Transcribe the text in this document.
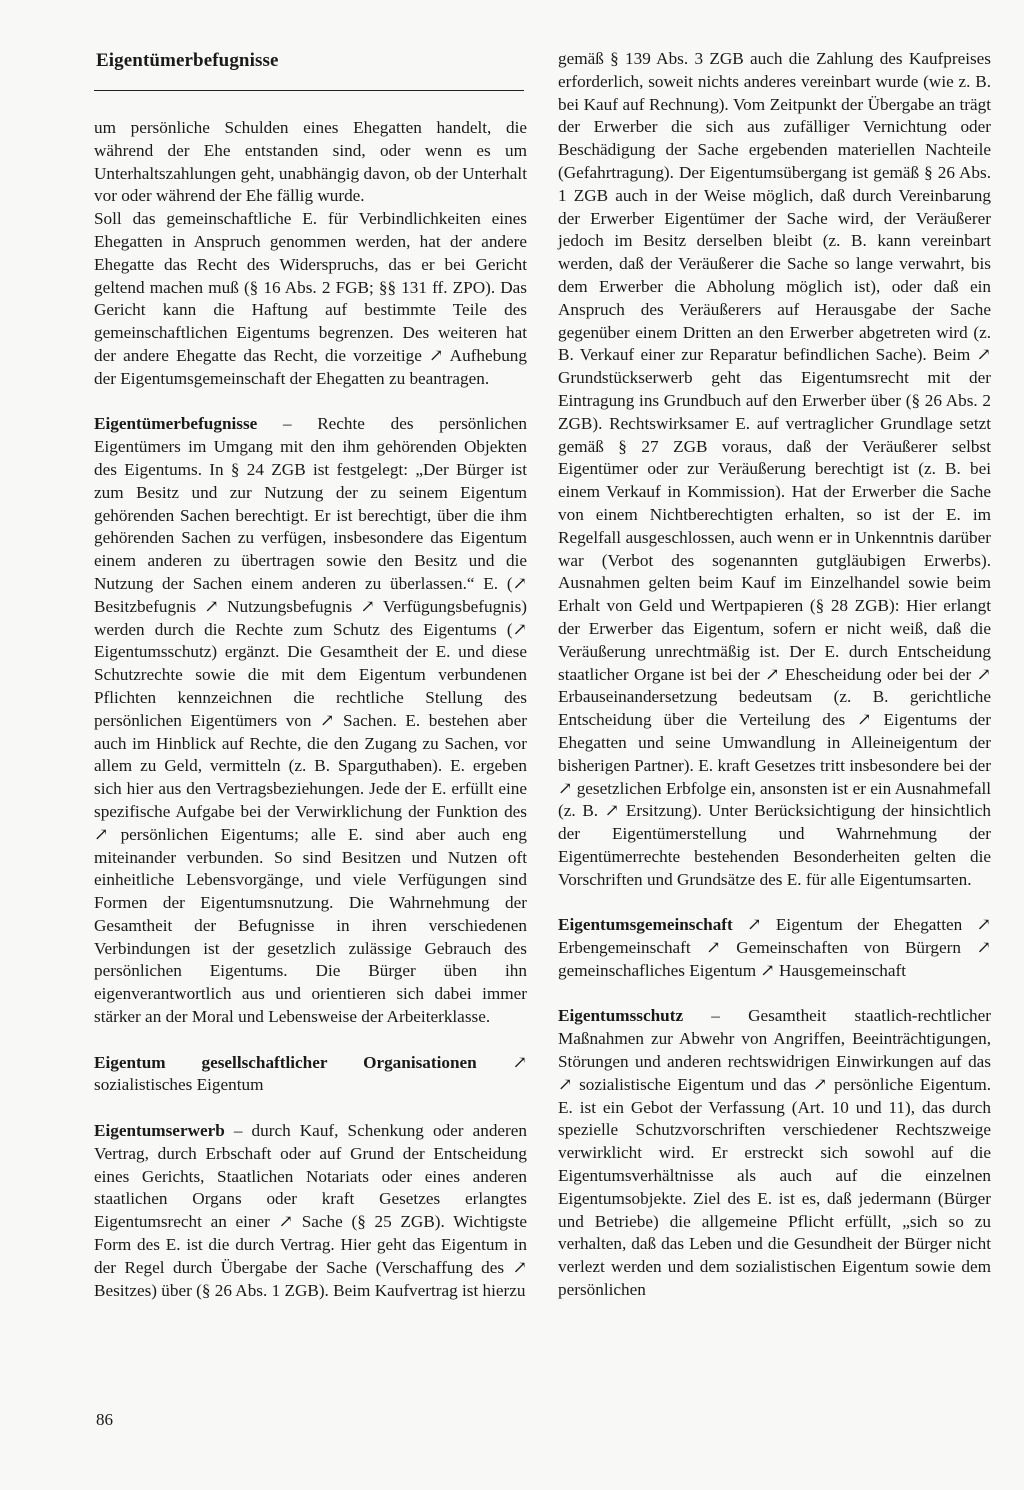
Eigentümerbefugnisse

um persönliche Schulden eines Ehegatten handelt, die während der Ehe entstanden sind, oder wenn es um Unterhaltszahlungen geht, unabhängig davon, ob der Unterhalt vor oder während der Ehe fällig wurde.

Soll das gemeinschaftliche E. für Verbindlichkeiten eines Ehegatten in Anspruch genommen werden, hat der andere Ehegatte das Recht des Widerspruchs, das er bei Gericht geltend machen muß (§ 16 Abs. 2 FGB; §§ 131 ff. ZPO). Das Gericht kann die Haftung auf bestimmte Teile des gemeinschaftlichen Eigentums begrenzen. Des weiteren hat der andere Ehegatte das Recht, die vorzeitige ↗ Aufhebung der Eigentumsgemeinschaft der Ehegatten zu beantragen.

Eigentümerbefugnisse – Rechte des persönlichen Eigentümers im Umgang mit den ihm gehörenden Objekten des Eigentums. In § 24 ZGB ist festgelegt: „Der Bürger ist zum Besitz und zur Nutzung der zu seinem Eigentum gehörenden Sachen berechtigt. Er ist berechtigt, über die ihm gehörenden Sachen zu verfügen, insbesondere das Eigentum einem anderen zu übertragen sowie den Besitz und die Nutzung der Sachen einem anderen zu überlassen.“ E. (↗ Besitzbefugnis ↗ Nutzungsbefugnis ↗ Verfügungsbefugnis) werden durch die Rechte zum Schutz des Eigentums (↗ Eigentumsschutz) ergänzt. Die Gesamtheit der E. und diese Schutzrechte sowie die mit dem Eigentum verbundenen Pflichten kennzeichnen die rechtliche Stellung des persönlichen Eigentümers von ↗ Sachen. E. bestehen aber auch im Hinblick auf Rechte, die den Zugang zu Sachen, vor allem zu Geld, vermitteln (z. B. Sparguthaben). E. ergeben sich hier aus den Vertragsbeziehungen. Jede der E. erfüllt eine spezifische Aufgabe bei der Verwirklichung der Funktion des ↗ persönlichen Eigentums; alle E. sind aber auch eng miteinander verbunden. So sind Besitzen und Nutzen oft einheitliche Lebensvorgänge, und viele Verfügungen sind Formen der Eigentumsnutzung. Die Wahrnehmung der Gesamtheit der Befugnisse in ihren verschiedenen Verbindungen ist der gesetzlich zulässige Gebrauch des persönlichen Eigentums. Die Bürger üben ihn eigenverantwortlich aus und orientieren sich dabei immer stärker an der Moral und Lebensweise der Arbeiterklasse.

Eigentum gesellschaftlicher Organisationen ↗ sozialistisches Eigentum

Eigentumserwerb – durch Kauf, Schenkung oder anderen Vertrag, durch Erbschaft oder auf Grund der Entscheidung eines Gerichts, Staatlichen Notariats oder eines anderen staatlichen Organs oder kraft Gesetzes erlangtes Eigentumsrecht an einer ↗ Sache (§ 25 ZGB). Wichtigste Form des E. ist die durch Vertrag. Hier geht das Eigentum in der Regel durch Übergabe der Sache (Verschaffung des ↗ Besitzes) über (§ 26 Abs. 1 ZGB). Beim Kaufvertrag ist hierzu

gemäß § 139 Abs. 3 ZGB auch die Zahlung des Kaufpreises erforderlich, soweit nichts anderes vereinbart wurde (wie z. B. bei Kauf auf Rechnung). Vom Zeitpunkt der Übergabe an trägt der Erwerber die sich aus zufälliger Vernichtung oder Beschädigung der Sache ergebenden materiellen Nachteile (Gefahrtragung). Der Eigentumsübergang ist gemäß § 26 Abs. 1 ZGB auch in der Weise möglich, daß durch Vereinbarung der Erwerber Eigentümer der Sache wird, der Veräußerer jedoch im Besitz derselben bleibt (z. B. kann vereinbart werden, daß der Veräußerer die Sache so lange verwahrt, bis dem Erwerber die Abholung möglich ist), oder daß ein Anspruch des Veräußerers auf Herausgabe der Sache gegenüber einem Dritten an den Erwerber abgetreten wird (z. B. Verkauf einer zur Reparatur befindlichen Sache). Beim ↗ Grundstückserwerb geht das Eigentumsrecht mit der Eintragung ins Grundbuch auf den Erwerber über (§ 26 Abs. 2 ZGB). Rechtswirksamer E. auf vertraglicher Grundlage setzt gemäß § 27 ZGB voraus, daß der Veräußerer selbst Eigentümer oder zur Veräußerung berechtigt ist (z. B. bei einem Verkauf in Kommission). Hat der Erwerber die Sache von einem Nichtberechtigten erhalten, so ist der E. im Regelfall ausgeschlossen, auch wenn er in Unkenntnis darüber war (Verbot des sogenannten gutgläubigen Erwerbs). Ausnahmen gelten beim Kauf im Einzelhandel sowie beim Erhalt von Geld und Wertpapieren (§ 28 ZGB): Hier erlangt der Erwerber das Eigentum, sofern er nicht weiß, daß die Veräußerung unrechtmäßig ist. Der E. durch Entscheidung staatlicher Organe ist bei der ↗ Ehescheidung oder bei der ↗ Erbauseinandersetzung bedeutsam (z. B. gerichtliche Entscheidung über die Verteilung des ↗ Eigentums der Ehegatten und seine Umwandlung in Alleineigentum der bisherigen Partner). E. kraft Gesetzes tritt insbesondere bei der ↗ gesetzlichen Erbfolge ein, ansonsten ist er ein Ausnahmefall (z. B. ↗ Ersitzung). Unter Berücksichtigung der hinsichtlich der Eigentümerstellung und Wahrnehmung der Eigentümerrechte bestehenden Besonderheiten gelten die Vorschriften und Grundsätze des E. für alle Eigentumsarten.

Eigentumsgemeinschaft ↗ Eigentum der Ehegatten ↗ Erbengemeinschaft ↗ Gemeinschaften von Bürgern ↗ gemeinschafliches Eigentum ↗ Hausgemeinschaft

Eigentumsschutz – Gesamtheit staatlich-rechtlicher Maßnahmen zur Abwehr von Angriffen, Beeinträchtigungen, Störungen und anderen rechtswidrigen Einwirkungen auf das ↗ sozialistische Eigentum und das ↗ persönliche Eigentum. E. ist ein Gebot der Verfassung (Art. 10 und 11), das durch spezielle Schutzvorschriften verschiedener Rechtszweige verwirklicht wird. Er erstreckt sich sowohl auf die Eigentumsverhältnisse als auch auf die einzelnen Eigentumsobjekte. Ziel des E. ist es, daß jedermann (Bürger und Betriebe) die allgemeine Pflicht erfüllt, „sich so zu verhalten, daß das Leben und die Gesundheit der Bürger nicht verlezt werden und dem sozialistischen Eigentum sowie dem persönlichen

86
